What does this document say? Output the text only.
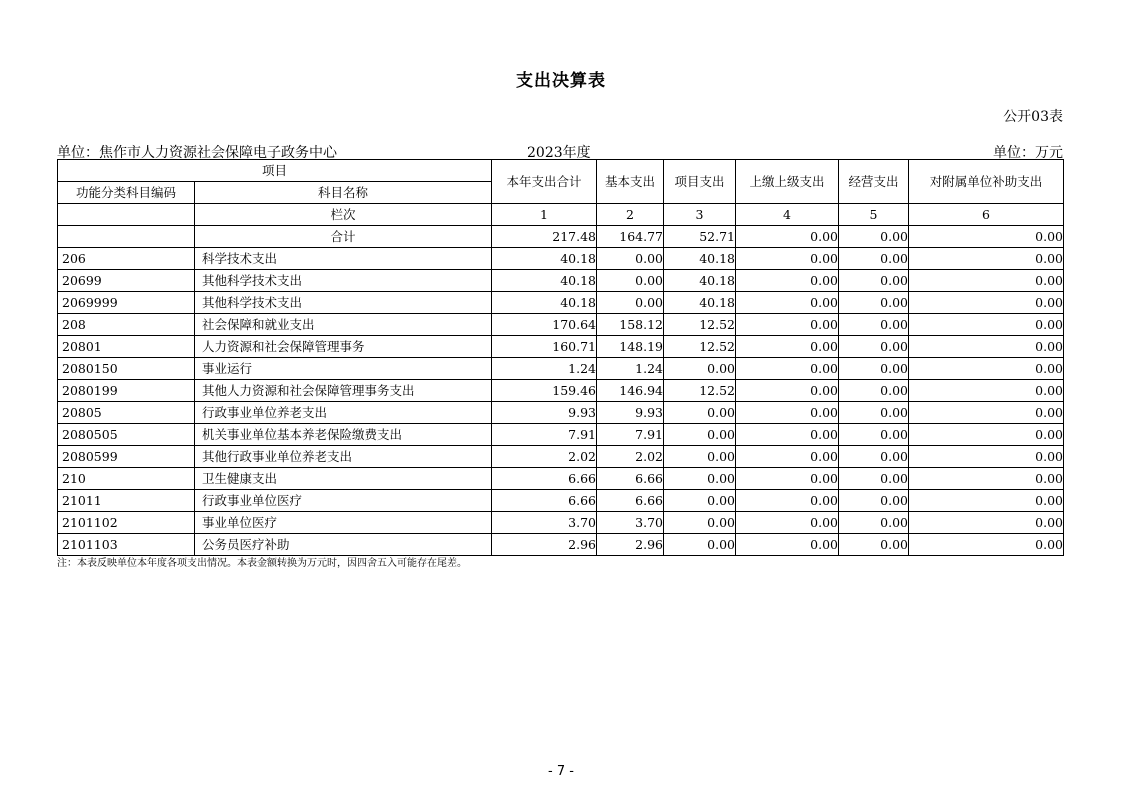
支出决算表
公开03表
单位：焦作市人力资源社会保障电子政务中心	2023年度	单位：万元
项目		本年支出合计	基本支出	项目支出	上缴上级支出	经营支出	对附属单位补助支出
功能分类科目编码	科目名称						
	栏次	1	2	3	4	5	6
	合计	217.48	164.77	52.71	0.00	0.00	0.00
206	科学技术支出	40.18	0.00	40.18	0.00	0.00	0.00
20699	其他科学技术支出	40.18	0.00	40.18	0.00	0.00	0.00
2069999	其他科学技术支出	40.18	0.00	40.18	0.00	0.00	0.00
208	社会保障和就业支出	170.64	158.12	12.52	0.00	0.00	0.00
20801	人力资源和社会保障管理事务	160.71	148.19	12.52	0.00	0.00	0.00
2080150	事业运行	1.24	1.24	0.00	0.00	0.00	0.00
2080199	其他人力资源和社会保障管理事务支出	159.46	146.94	12.52	0.00	0.00	0.00
20805	行政事业单位养老支出	9.93	9.93	0.00	0.00	0.00	0.00
2080505	机关事业单位基本养老保险缴费支出	7.91	7.91	0.00	0.00	0.00	0.00
2080599	其他行政事业单位养老支出	2.02	2.02	0.00	0.00	0.00	0.00
210	卫生健康支出	6.66	6.66	0.00	0.00	0.00	0.00
21011	行政事业单位医疗	6.66	6.66	0.00	0.00	0.00	0.00
2101102	事业单位医疗	3.70	3.70	0.00	0.00	0.00	0.00
2101103	公务员医疗补助	2.96	2.96	0.00	0.00	0.00	0.00
注：本表反映单位本年度各项支出情况。本表金额转换为万元时，因四舍五入可能存在尾差。
- 7 -
